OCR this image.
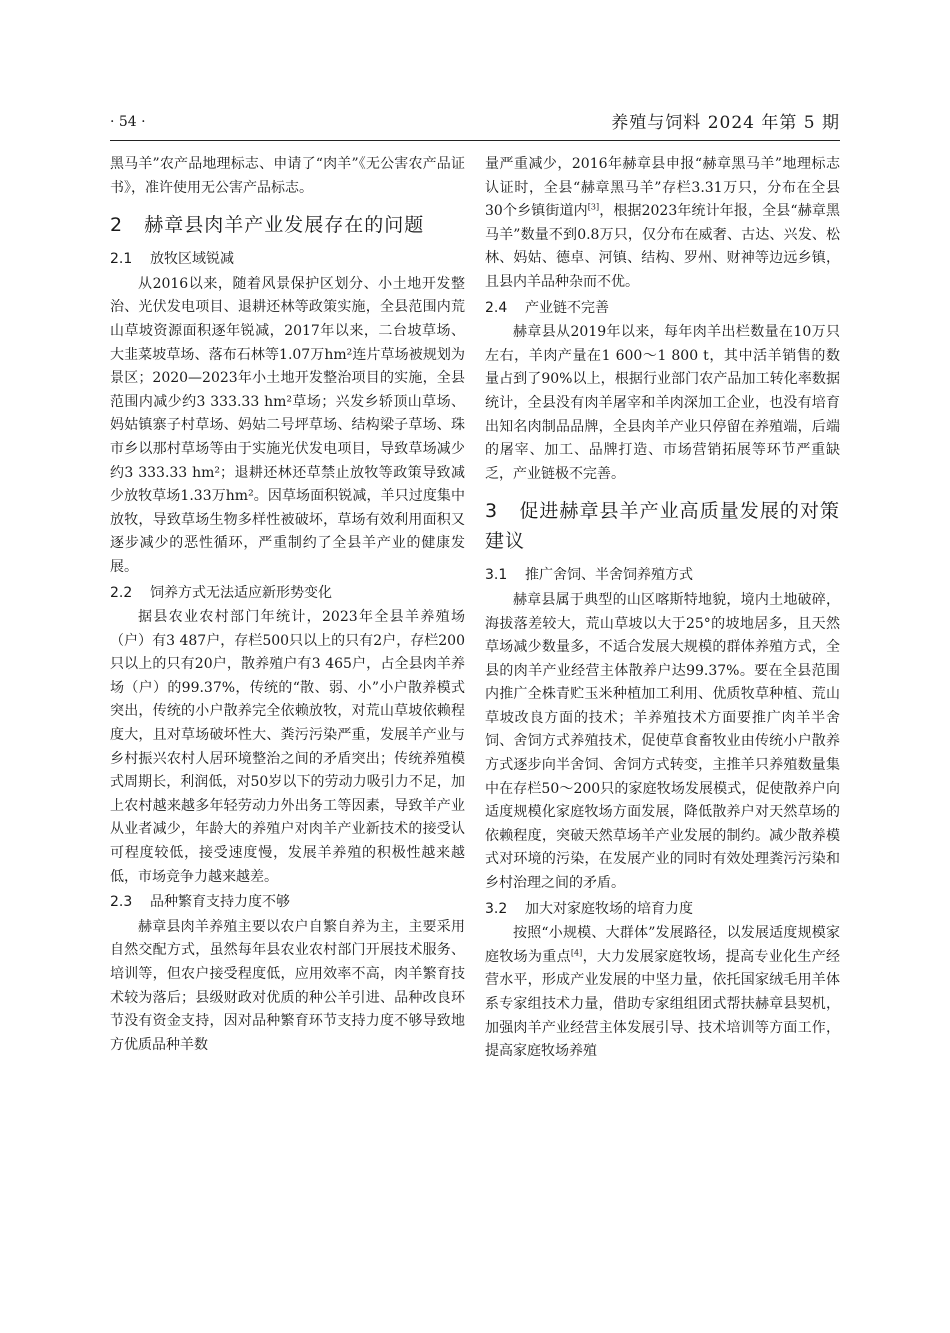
· 54 ·	养殖与饲料 2024 年第 5 期

黑马羊”农产品地理标志、申请了“肉羊”《无公害农产品证书》，准许使用无公害产品标志。

2 赫章县肉羊产业发展存在的问题
2.1 放牧区域锐减

从2016以来，随着风景保护区划分、小土地开发整治、光伏发电项目、退耕还林等政策实施，全县范围内荒山草坡资源面积逐年锐减，2017年以来，二台坡草场、大韭菜坡草场、落布石林等1.07万hm²连片草场被规划为景区；2020—2023年小土地开发整治项目的实施，全县范围内减少约3 333.33 hm²草场；兴发乡轿顶山草场、妈姑镇寨子村草场、妈姑二号坪草场、结构梁子草场、珠市乡以那村草场等由于实施光伏发电项目，导致草场减少约3 333.33 hm²；退耕还林还草禁止放牧等政策导致减少放牧草场1.33万hm²。因草场面积锐减，羊只过度集中放牧，导致草场生物多样性被破坏，草场有效利用面积又逐步减少的恶性循环，严重制约了全县羊产业的健康发展。

2.2 饲养方式无法适应新形势变化

据县农业农村部门年统计，2023年全县羊养殖场（户）有3 487户，存栏500只以上的只有2户，存栏200只以上的只有20户，散养殖户有3 465户，占全县肉羊养场（户）的99.37%，传统的“散、弱、小”小户散养模式突出，传统的小户散养完全依赖放牧，对荒山草坡依赖程度大，且对草场破坏性大、粪污污染严重，发展羊产业与乡村振兴农村人居环境整治之间的矛盾突出；传统养殖模式周期长，利润低，对50岁以下的劳动力吸引力不足，加上农村越来越多年轻劳动力外出务工等因素，导致羊产业从业者减少，年龄大的养殖户对肉羊产业新技术的接受认可程度较低，接受速度慢，发展羊养殖的积极性越来越低，市场竞争力越来越差。

2.3 品种繁育支持力度不够

赫章县肉羊养殖主要以农户自繁自养为主，主要采用自然交配方式，虽然每年县农业农村部门开展技术服务、培训等，但农户接受程度低，应用效率不高，肉羊繁育技术较为落后；县级财政对优质的种公羊引进、品种改良环节没有资金支持，因对品种繁育环节支持力度不够导致地方优质品种羊数

量严重减少，2016年赫章县申报“赫章黑马羊”地理标志认证时，全县“赫章黑马羊”存栏3.31万只，分布在全县30个乡镇街道内[3]，根据2023年统计年报，全县“赫章黑马羊”数量不到0.8万只，仅分布在威奢、古达、兴发、松林、妈姑、德卓、河镇、结构、罗州、财神等边远乡镇，且县内羊品种杂而不优。

2.4 产业链不完善

赫章县从2019年以来，每年肉羊出栏数量在10万只左右，羊肉产量在1 600～1 800 t，其中活羊销售的数量占到了90%以上，根据行业部门农产品加工转化率数据统计，全县没有肉羊屠宰和羊肉深加工企业，也没有培育出知名肉制品品牌，全县肉羊产业只停留在养殖端，后端的屠宰、加工、品牌打造、市场营销拓展等环节严重缺乏，产业链极不完善。

3 促进赫章县羊产业高质量发展的对策建议
3.1 推广舍饲、半舍饲养殖方式

赫章县属于典型的山区喀斯特地貌，境内土地破碎，海拔落差较大，荒山草坡以大于25°的坡地居多，且天然草场减少数量多，不适合发展大规模的群体养殖方式，全县的肉羊产业经营主体散养户达99.37%。要在全县范围内推广全株青贮玉米种植加工利用、优质牧草种植、荒山草坡改良方面的技术；羊养殖技术方面要推广肉羊半舍饲、舍饲方式养殖技术，促使草食畜牧业由传统小户散养方式逐步向半舍饲、舍饲方式转变，主推羊只养殖数量集中在存栏50～200只的家庭牧场发展模式，促使散养户向适度规模化家庭牧场方面发展，降低散养户对天然草场的依赖程度，突破天然草场羊产业发展的制约。减少散养模式对环境的污染，在发展产业的同时有效处理粪污污染和乡村治理之间的矛盾。

3.2 加大对家庭牧场的培育力度

按照“小规模、大群体”发展路径，以发展适度规模家庭牧场为重点[4]，大力发展家庭牧场，提高专业化生产经营水平，形成产业发展的中坚力量，依托国家绒毛用羊体系专家组技术力量，借助专家组组团式帮扶赫章县契机，加强肉羊产业经营主体发展引导、技术培训等方面工作，提高家庭牧场养殖
